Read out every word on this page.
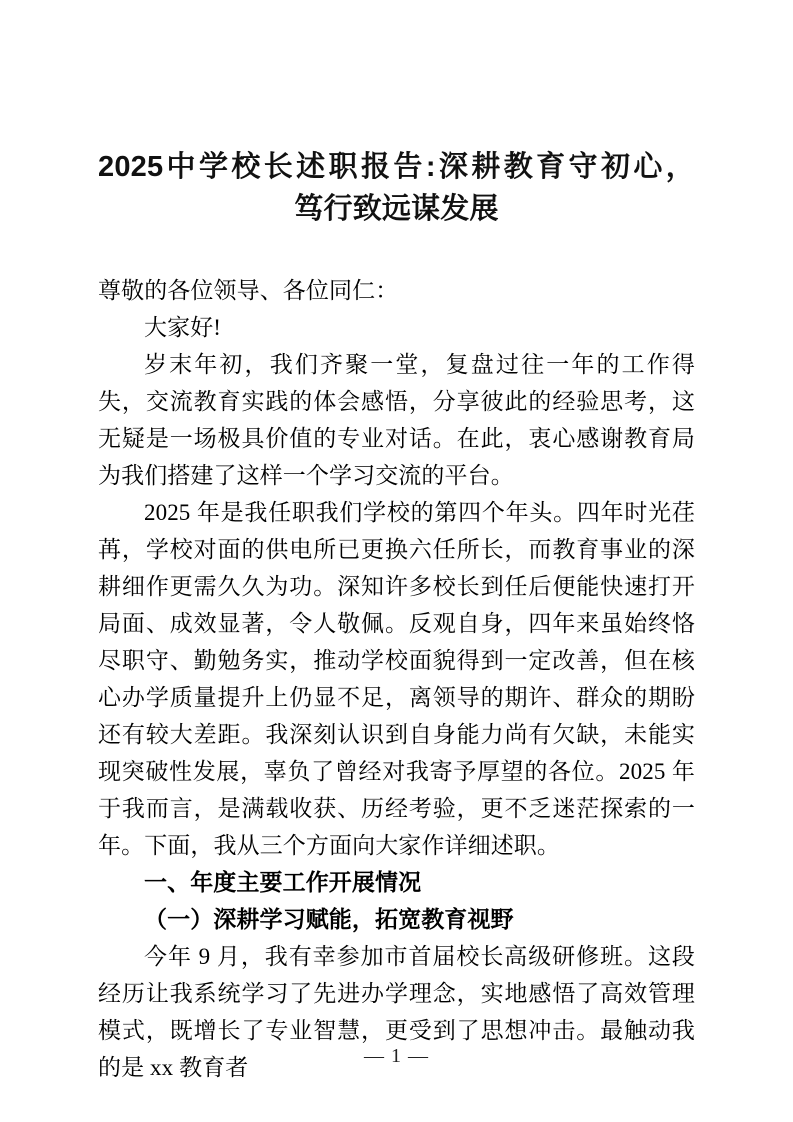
2025中学校长述职报告:深耕教育守初心，
笃行致远谋发展

尊敬的各位领导、各位同仁：

大家好!

岁末年初，我们齐聚一堂，复盘过往一年的工作得失，交流教育实践的体会感悟，分享彼此的经验思考，这无疑是一场极具价值的专业对话。在此，衷心感谢教育局为我们搭建了这样一个学习交流的平台。

2025 年是我任职我们学校的第四个年头。四年时光荏苒，学校对面的供电所已更换六任所长，而教育事业的深耕细作更需久久为功。深知许多校长到任后便能快速打开局面、成效显著，令人敬佩。反观自身，四年来虽始终恪尽职守、勤勉务实，推动学校面貌得到一定改善，但在核心办学质量提升上仍显不足，离领导的期许、群众的期盼还有较大差距。我深刻认识到自身能力尚有欠缺，未能实现突破性发展，辜负了曾经对我寄予厚望的各位。2025 年于我而言，是满载收获、历经考验，更不乏迷茫探索的一年。下面，我从三个方面向大家作详细述职。

一、年度主要工作开展情况

（一）深耕学习赋能，拓宽教育视野

今年 9 月，我有幸参加市首届校长高级研修班。这段经历让我系统学习了先进办学理念，实地感悟了高效管理模式，既增长了专业智慧，更受到了思想冲击。最触动我的是 xx 教育者	— 1 —
